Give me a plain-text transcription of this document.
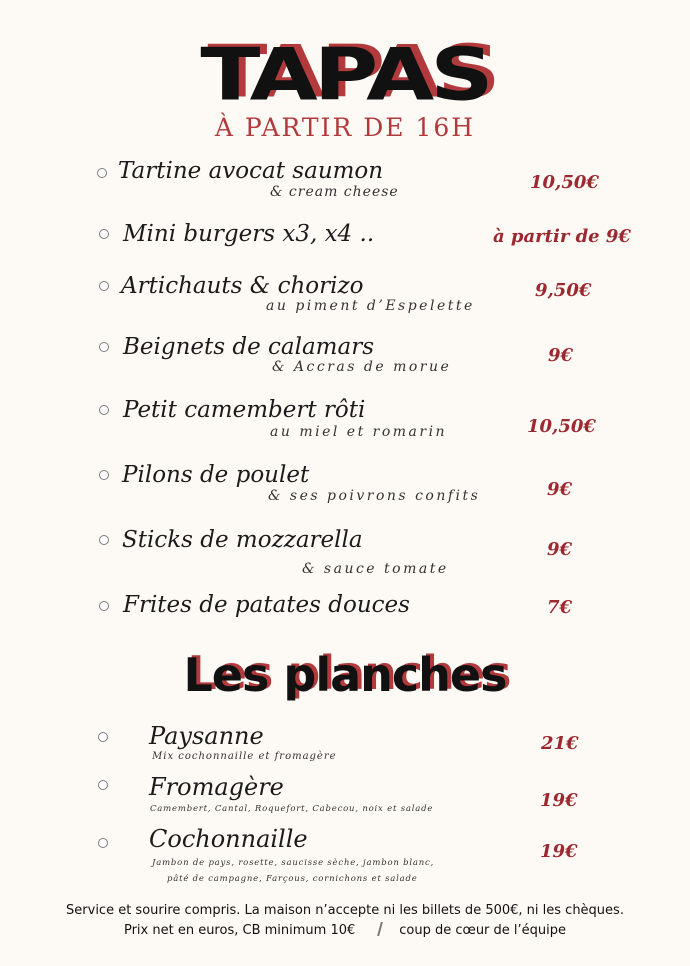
TAPAS
À PARTIR DE 16H
Tartine avocat saumon
& cream cheese	10,50€
Mini burgers x3, x4 ..	à partir de 9€
Artichauts & chorizo
au piment d’Espelette
9,50€
Beignets de calamars
& Accras de morue
9€
Petit camembert rôti
au miel et romarin	10,50€
Pilons de poulet
& ses poivrons confits	9€
Sticks de mozzarella
& sauce tomate
9€
Frites de patates douces	7€
Les planches
Paysanne
Mix cochonnaille et fromagère
21€
Fromagère
Camembert, Cantal, Roquefort, Cabecou, noix et salade	19€
Cochonnaille
Jambon de pays, rosette, saucisse sèche, jambon blanc,
pâté de campagne, Farçous, cornichons et salade
19€
Service et sourire compris. La maison n’accepte ni les billets de 500€, ni les chèques.
Prix net en euros, CB minimum 10€	coup de cœur de l’équipe
